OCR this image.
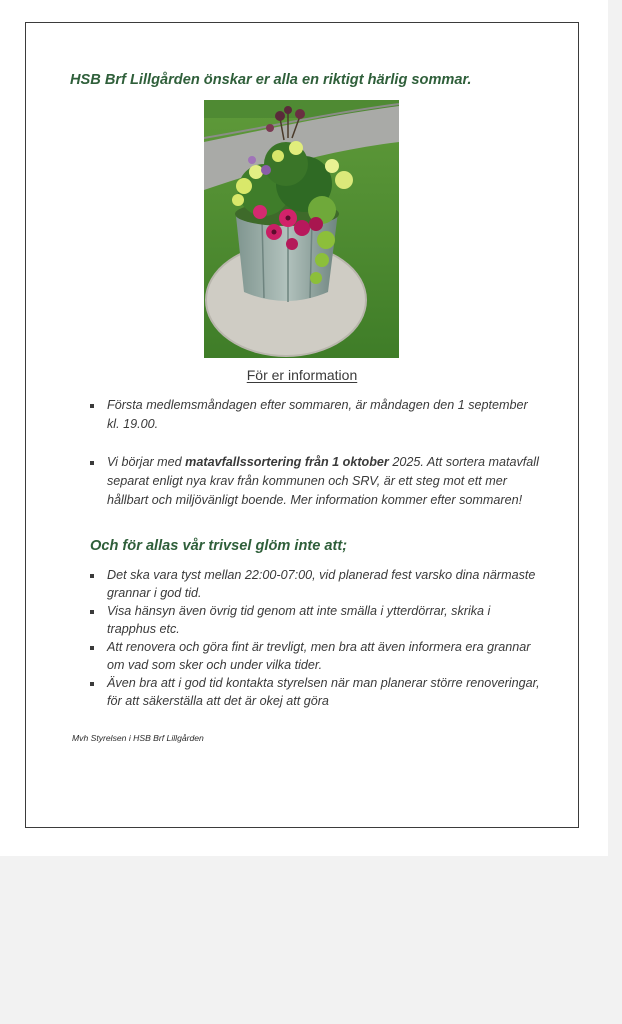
HSB Brf Lillgården önskar er alla en riktigt härlig sommar.
För er information
Första medlemsmåndagen efter sommaren, är måndagen den 1 september kl. 19.00.
Vi börjar med matavfallssortering från 1 oktober 2025. Att sortera matavfall separat enligt nya krav från kommunen och SRV, är ett steg mot ett mer hållbart och miljövänligt boende. Mer information kommer efter sommaren!
Och för allas vår trivsel glöm inte att;
Det ska vara tyst mellan 22:00-07:00, vid planerad fest varsko dina närmaste grannar i god tid.
Visa hänsyn även övrig tid genom att inte smälla i ytterdörrar, skrika i trapphus etc.
Att renovera och göra fint är trevligt, men bra att även informera era grannar om vad som sker och under vilka tider.
Även bra att i god tid kontakta styrelsen när man planerar större renoveringar, för att säkerställa att det är okej att göra
Mvh Styrelsen i HSB Brf Lillgården
